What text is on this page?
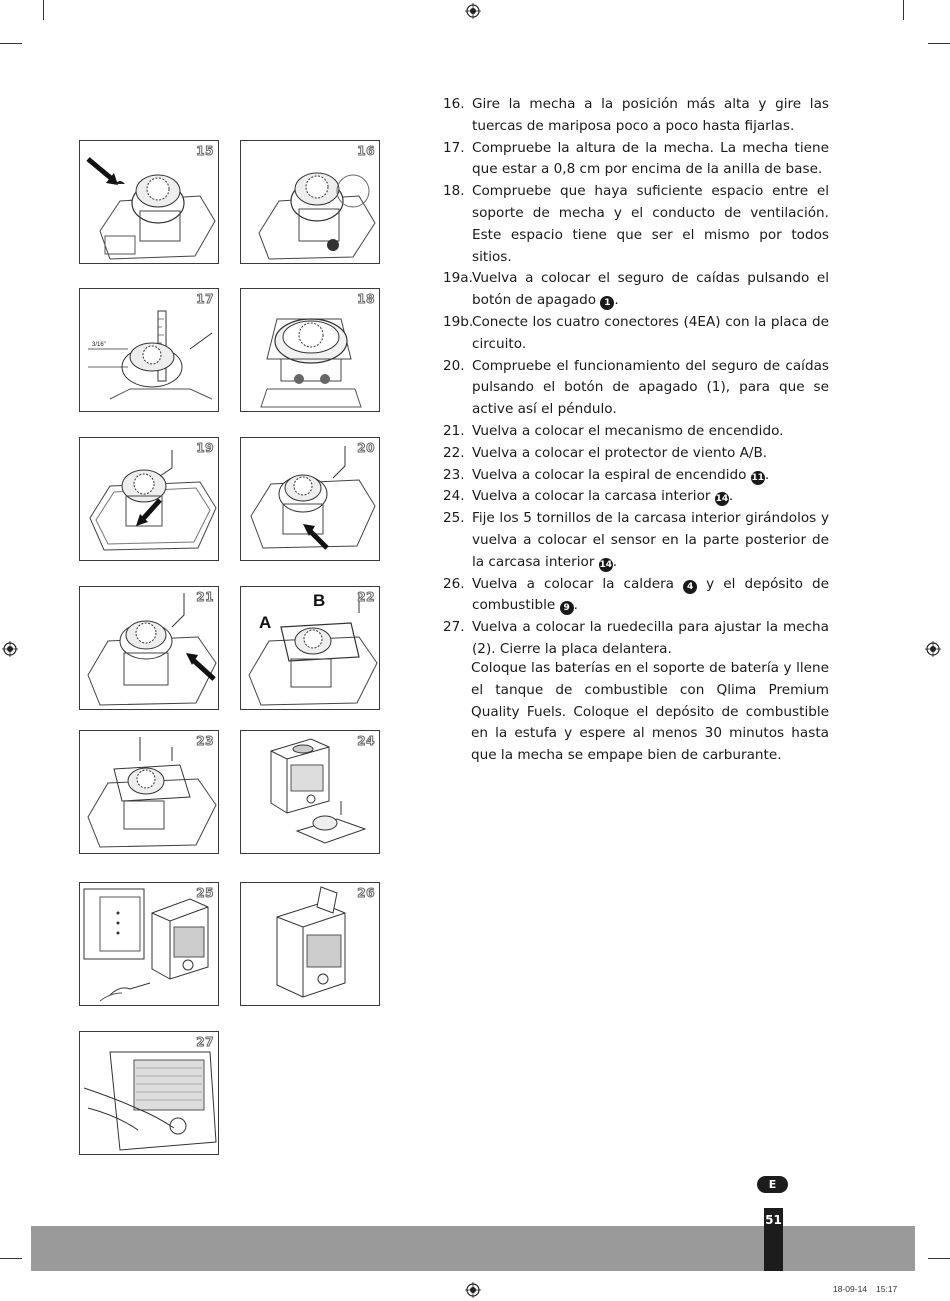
15	16
3/16"
17	18
19	20
21
A
B	22
23	24
25	26
27
16. Gire la mecha a la posición más alta y gire las tuercas de mariposa poco a poco hasta fijarlas.
17. Compruebe la altura de la mecha. La mecha tiene que estar a 0,8 cm por encima de la anilla de base.
18. Compruebe que haya suficiente espacio entre el soporte de mecha y el conducto de ventilación. Este espacio tiene que ser el mismo por todos sitios.
19a. Vuelva a colocar el seguro de caídas pulsando el botón de apagado 1 .
19b.
Conecte los cuatro conectores (4EA) con la placa de circuito.
20. Compruebe el funcionamiento del seguro de caídas pulsando el botón de apagado (1), para que se active así el péndulo.
21. Vuelva a colocar el mecanismo de encendido.
22. Vuelva a colocar el protector de viento A/B.
23. Vuelva a colocar la espiral de encendido 11.
24. Vuelva a colocar la carcasa interior 14.
25. Fije los 5 tornillos de la carcasa interior girándolos y vuelva a colocar el sensor en la parte posterior de la carcasa interior 14.
26. Vuelva a colocar la caldera 4 y el depósito de combustible 9 .
27. Vuelva a colocar la ruedecilla para ajustar la mecha (2). Cierre la placa delantera.
Coloque las baterías en el soporte de batería y llene el tanque de combustible con Qlima Premium Quality Fuels. Coloque el depósito de combustible en la estufa y espere al menos 30 minutos hasta que la mecha se empape bien de carburante.
E
51
18-09-14 15:17
